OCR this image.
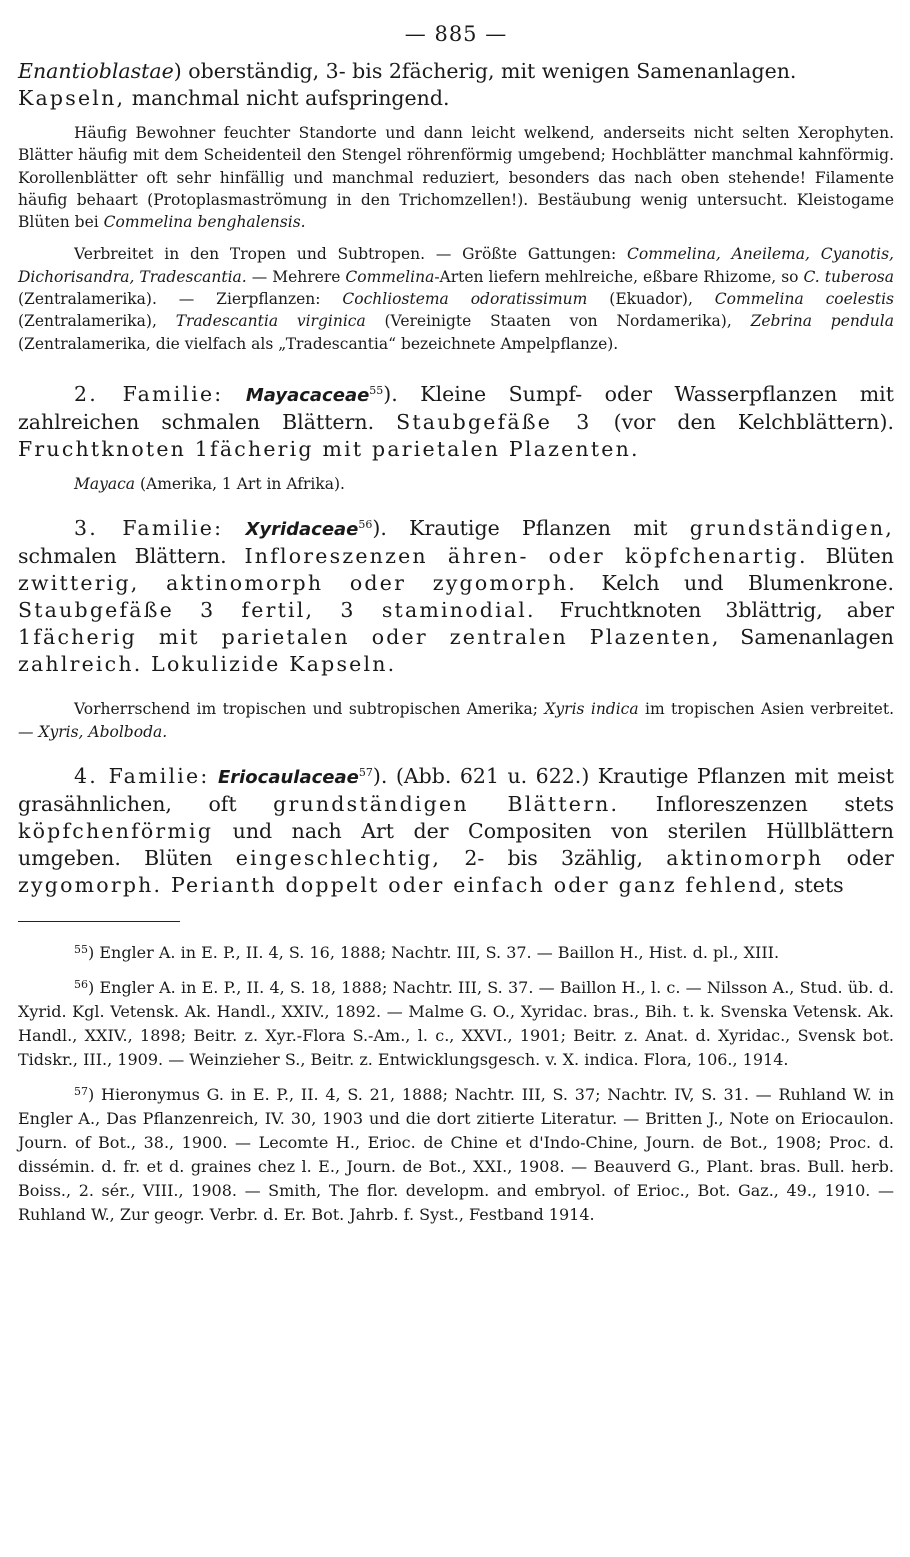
— 885 —

Enantioblastae) oberständig, 3- bis 2fächerig, mit wenigen Samenanlagen.
Kapseln, manchmal nicht aufspringend.

Häufig Bewohner feuchter Standorte und dann leicht welkend, anderseits nicht selten Xerophyten. Blätter häufig mit dem Scheidenteil den Stengel röhrenförmig umgebend; Hochblätter manchmal kahnförmig. Korollenblätter oft sehr hinfällig und manchmal reduziert, besonders das nach oben stehende! Filamente häufig behaart (Protoplasmaströmung in den Trichomzellen!). Bestäubung wenig untersucht. Kleistogame Blüten bei Commelina benghalensis.

Verbreitet in den Tropen und Subtropen. — Größte Gattungen: Commelina, Aneilema, Cyanotis, Dichorisandra, Tradescantia. — Mehrere Commelina-Arten liefern mehlreiche, eßbare Rhizome, so C. tuberosa (Zentralamerika). — Zierpflanzen: Cochliostema odoratissimum (Ekuador), Commelina coelestis (Zentralamerika), Tradescantia virginica (Vereinigte Staaten von Nordamerika), Zebrina pendula (Zentralamerika, die vielfach als „Tradescantia“ bezeichnete Ampelpflanze).

2. Familie: Mayacaceae$^{55}$). Kleine Sumpf- oder Wasserpflanzen mit zahlreichen schmalen Blättern. Staubgefäße 3 (vor den Kelchblättern). Fruchtknoten 1fächerig mit parietalen Plazenten.

Mayaca (Amerika, 1 Art in Afrika).

3. Familie: Xyridaceae$^{56}$). Krautige Pflanzen mit grundständigen, schmalen Blättern. Infloreszenzen ähren- oder köpfchenartig. Blüten zwitterig, aktinomorph oder zygomorph. Kelch und Blumenkrone. Staubgefäße 3 fertil, 3 staminodial. Fruchtknoten 3blättrig, aber 1fächerig mit parietalen oder zentralen Plazenten, Samenanlagen zahlreich. Lokulizide Kapseln.

Vorherrschend im tropischen und subtropischen Amerika; Xyris indica im tropischen Asien verbreitet. — Xyris, Abolboda.

4. Familie: Eriocaulaceae$^{57}$). (Abb. 621 u. 622.) Krautige Pflanzen mit meist grasähnlichen, oft grundständigen Blättern. Infloreszenzen stets köpfchenförmig und nach Art der Compositen von sterilen Hüllblättern umgeben. Blüten eingeschlechtig, 2- bis 3zählig, aktinomorph oder zygomorph. Perianth doppelt oder einfach oder ganz fehlend, stets

$^{55}$) Engler A. in E. P., II. 4, S. 16, 1888; Nachtr. III, S. 37. — Baillon H., Hist. d. pl., XIII.

$^{56}$) Engler A. in E. P., II. 4, S. 18, 1888; Nachtr. III, S. 37. — Baillon H., l. c. — Nilsson A., Stud. üb. d. Xyrid. Kgl. Vetensk. Ak. Handl., XXIV., 1892. — Malme G. O., Xyridac. bras., Bih. t. k. Svenska Vetensk. Ak. Handl., XXIV., 1898; Beitr. z. Xyr.-Flora S.-Am., l. c., XXVI., 1901; Beitr. z. Anat. d. Xyridac., Svensk bot. Tidskr., III., 1909. — Weinzieher S., Beitr. z. Entwicklungsgesch. v. X. indica. Flora, 106., 1914.

$^{57}$) Hieronymus G. in E. P., II. 4, S. 21, 1888; Nachtr. III, S. 37; Nachtr. IV, S. 31. — Ruhland W. in Engler A., Das Pflanzenreich, IV. 30, 1903 und die dort zitierte Literatur. — Britten J., Note on Eriocaulon. Journ. of Bot., 38., 1900. — Lecomte H., Erioc. de Chine et d'Indo-Chine, Journ. de Bot., 1908; Proc. d. dissémin. d. fr. et d. graines chez l. E., Journ. de Bot., XXI., 1908. — Beauverd G., Plant. bras. Bull. herb. Boiss., 2. sér., VIII., 1908. — Smith, The flor. developm. and embryol. of Erioc., Bot. Gaz., 49., 1910. — Ruhland W., Zur geogr. Verbr. d. Er. Bot. Jahrb. f. Syst., Festband 1914.
